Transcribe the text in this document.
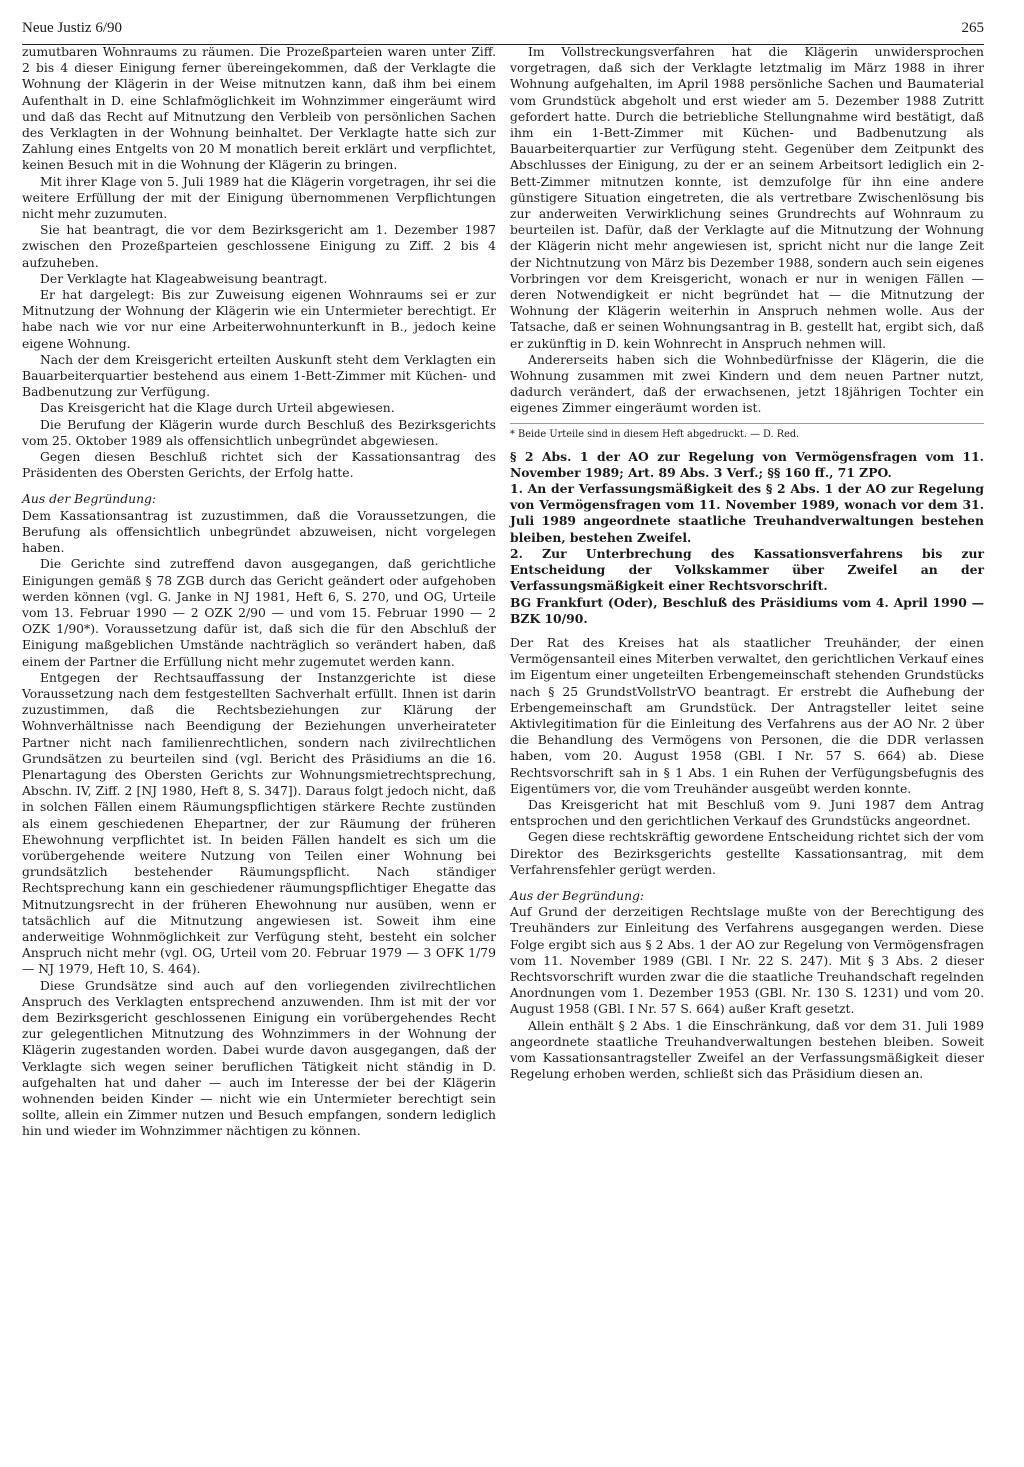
Neue Justiz 6/90	265

zumutbaren Wohnraums zu räumen. Die Prozeßparteien waren unter Ziff. 2 bis 4 dieser Einigung ferner übereingekommen, daß der Verklagte die Wohnung der Klägerin in der Weise mitnutzen kann, daß ihm bei einem Aufenthalt in D. eine Schlafmöglichkeit im Wohnzimmer eingeräumt wird und daß das Recht auf Mitnutzung den Verbleib von persönlichen Sachen des Verklagten in der Wohnung beinhaltet. Der Verklagte hatte sich zur Zahlung eines Entgelts von 20 M monatlich bereit erklärt und verpflichtet, keinen Besuch mit in die Wohnung der Klägerin zu bringen.

Mit ihrer Klage von 5. Juli 1989 hat die Klägerin vorgetragen, ihr sei die weitere Erfüllung der mit der Einigung übernommenen Verpflichtungen nicht mehr zuzumuten.

Sie hat beantragt, die vor dem Bezirksgericht am 1. Dezember 1987 zwischen den Prozeßparteien geschlossene Einigung zu Ziff. 2 bis 4 aufzuheben.

Der Verklagte hat Klageabweisung beantragt.

Er hat dargelegt: Bis zur Zuweisung eigenen Wohnraums sei er zur Mitnutzung der Wohnung der Klägerin wie ein Untermieter berechtigt. Er habe nach wie vor nur eine Arbeiterwohnunterkunft in B., jedoch keine eigene Wohnung.

Nach der dem Kreisgericht erteilten Auskunft steht dem Verklagten ein Bauarbeiterquartier bestehend aus einem 1-Bett-Zimmer mit Küchen- und Badbenutzung zur Verfügung.

Das Kreisgericht hat die Klage durch Urteil abgewiesen.

Die Berufung der Klägerin wurde durch Beschluß des Bezirksgerichts vom 25. Oktober 1989 als offensichtlich unbegründet abgewiesen.

Gegen diesen Beschluß richtet sich der Kassationsantrag des Präsidenten des Obersten Gerichts, der Erfolg hatte.

Aus der Begründung:

Dem Kassationsantrag ist zuzustimmen, daß die Voraussetzungen, die Berufung als offensichtlich unbegründet abzuweisen, nicht vorgelegen haben.

Die Gerichte sind zutreffend davon ausgegangen, daß gerichtliche Einigungen gemäß § 78 ZGB durch das Gericht geändert oder aufgehoben werden können (vgl. G. Janke in NJ 1981, Heft 6, S. 270, und OG, Urteile vom 13. Februar 1990 — 2 OZK 2/90 — und vom 15. Februar 1990 — 2 OZK 1/90*). Voraussetzung dafür ist, daß sich die für den Abschluß der Einigung maßgeblichen Umstände nachträglich so verändert haben, daß einem der Partner die Erfüllung nicht mehr zugemutet werden kann.

Entgegen der Rechtsauffassung der Instanzgerichte ist diese Voraussetzung nach dem festgestellten Sachverhalt erfüllt. Ihnen ist darin zuzustimmen, daß die Rechtsbeziehungen zur Klärung der Wohnverhältnisse nach Beendigung der Beziehungen unverheirateter Partner nicht nach familienrechtlichen, sondern nach zivilrechtlichen Grundsätzen zu beurteilen sind (vgl. Bericht des Präsidiums an die 16. Plenartagung des Obersten Gerichts zur Wohnungsmietrechtsprechung, Abschn. IV, Ziff. 2 [NJ 1980, Heft 8, S. 347]). Daraus folgt jedoch nicht, daß in solchen Fällen einem Räumungspflichtigen stärkere Rechte zustünden als einem geschiedenen Ehepartner, der zur Räumung der früheren Ehewohnung verpflichtet ist. In beiden Fällen handelt es sich um die vorübergehende weitere Nutzung von Teilen einer Wohnung bei grundsätzlich bestehender Räumungspflicht. Nach ständiger Rechtsprechung kann ein geschiedener räumungspflichtiger Ehegatte das Mitnutzungsrecht in der früheren Ehewohnung nur ausüben, wenn er tatsächlich auf die Mitnutzung angewiesen ist. Soweit ihm eine anderweitige Wohnmöglichkeit zur Verfügung steht, besteht ein solcher Anspruch nicht mehr (vgl. OG, Urteil vom 20. Februar 1979 — 3 OFK 1/79 — NJ 1979, Heft 10, S. 464).

Diese Grundsätze sind auch auf den vorliegenden zivilrechtlichen Anspruch des Verklagten entsprechend anzuwenden. Ihm ist mit der vor dem Bezirksgericht geschlossenen Einigung ein vorübergehendes Recht zur gelegentlichen Mitnutzung des Wohnzimmers in der Wohnung der Klägerin zugestanden worden. Dabei wurde davon ausgegangen, daß der Verklagte sich wegen seiner beruflichen Tätigkeit nicht ständig in D. aufgehalten hat und daher — auch im Interesse der bei der Klägerin wohnenden beiden Kinder — nicht wie ein Untermieter berechtigt sein sollte, allein ein Zimmer nutzen und Besuch empfangen, sondern lediglich hin und wieder im Wohnzimmer nächtigen zu können.

Im Vollstreckungsverfahren hat die Klägerin unwidersprochen vorgetragen, daß sich der Verklagte letztmalig im März 1988 in ihrer Wohnung aufgehalten, im April 1988 persönliche Sachen und Baumaterial vom Grundstück abgeholt und erst wieder am 5. Dezember 1988 Zutritt gefordert hatte. Durch die betriebliche Stellungnahme wird bestätigt, daß ihm ein 1-Bett-Zimmer mit Küchen- und Badbenutzung als Bauarbeiterquartier zur Verfügung steht. Gegenüber dem Zeitpunkt des Abschlusses der Einigung, zu der er an seinem Arbeitsort lediglich ein 2-Bett-Zimmer mitnutzen konnte, ist demzufolge für ihn eine andere günstigere Situation eingetreten, die als vertretbare Zwischenlösung bis zur anderweiten Verwirklichung seines Grundrechts auf Wohnraum zu beurteilen ist. Dafür, daß der Verklagte auf die Mitnutzung der Wohnung der Klägerin nicht mehr angewiesen ist, spricht nicht nur die lange Zeit der Nichtnutzung von März bis Dezember 1988, sondern auch sein eigenes Vorbringen vor dem Kreisgericht, wonach er nur in wenigen Fällen — deren Notwendigkeit er nicht begründet hat — die Mitnutzung der Wohnung der Klägerin weiterhin in Anspruch nehmen wolle. Aus der Tatsache, daß er seinen Wohnungsantrag in B. gestellt hat, ergibt sich, daß er zukünftig in D. kein Wohnrecht in Anspruch nehmen will.

Andererseits haben sich die Wohnbedürfnisse der Klägerin, die die Wohnung zusammen mit zwei Kindern und dem neuen Partner nutzt, dadurch verändert, daß der erwachsenen, jetzt 18jährigen Tochter ein eigenes Zimmer eingeräumt worden ist.

* Beide Urteile sind in diesem Heft abgedruckt. — D. Red.

§ 2 Abs. 1 der AO zur Regelung von Vermögensfragen vom 11. November 1989; Art. 89 Abs. 3 Verf.; §§ 160 ff., 71 ZPO.

1. An der Verfassungsmäßigkeit des § 2 Abs. 1 der AO zur Regelung von Vermögensfragen vom 11. November 1989, wonach vor dem 31. Juli 1989 angeordnete staatliche Treuhandverwaltungen bestehen bleiben, bestehen Zweifel.

2. Zur Unterbrechung des Kassationsverfahrens bis zur Entscheidung der Volkskammer über Zweifel an der Verfassungsmäßigkeit einer Rechtsvorschrift.

BG Frankfurt (Oder), Beschluß des Präsidiums vom 4. April 1990 — BZK 10/90.

Der Rat des Kreises hat als staatlicher Treuhänder, der einen Vermögensanteil eines Miterben verwaltet, den gerichtlichen Verkauf eines im Eigentum einer ungeteilten Erbengemeinschaft stehenden Grundstücks nach § 25 GrundstVollstrVO beantragt. Er erstrebt die Aufhebung der Erbengemeinschaft am Grundstück. Der Antragsteller leitet seine Aktivlegitimation für die Einleitung des Verfahrens aus der AO Nr. 2 über die Behandlung des Vermögens von Personen, die die DDR verlassen haben, vom 20. August 1958 (GBl. I Nr. 57 S. 664) ab. Diese Rechtsvorschrift sah in § 1 Abs. 1 ein Ruhen der Verfügungsbefugnis des Eigentümers vor, die vom Treuhänder ausgeübt werden konnte.

Das Kreisgericht hat mit Beschluß vom 9. Juni 1987 dem Antrag entsprochen und den gerichtlichen Verkauf des Grundstücks angeordnet.

Gegen diese rechtskräftig gewordene Entscheidung richtet sich der vom Direktor des Bezirksgerichts gestellte Kassationsantrag, mit dem Verfahrensfehler gerügt werden.

Aus der Begründung:

Auf Grund der derzeitigen Rechtslage mußte von der Berechtigung des Treuhänders zur Einleitung des Verfahrens ausgegangen werden. Diese Folge ergibt sich aus § 2 Abs. 1 der AO zur Regelung von Vermögensfragen vom 11. November 1989 (GBl. I Nr. 22 S. 247). Mit § 3 Abs. 2 dieser Rechtsvorschrift wurden zwar die die staatliche Treuhandschaft regelnden Anordnungen vom 1. Dezember 1953 (GBl. Nr. 130 S. 1231) und vom 20. August 1958 (GBl. I Nr. 57 S. 664) außer Kraft gesetzt.

Allein enthält § 2 Abs. 1 die Einschränkung, daß vor dem 31. Juli 1989 angeordnete staatliche Treuhandverwaltungen bestehen bleiben. Soweit vom Kassationsantragsteller Zweifel an der Verfassungsmäßigkeit dieser Regelung erhoben werden, schließt sich das Präsidium diesen an.
